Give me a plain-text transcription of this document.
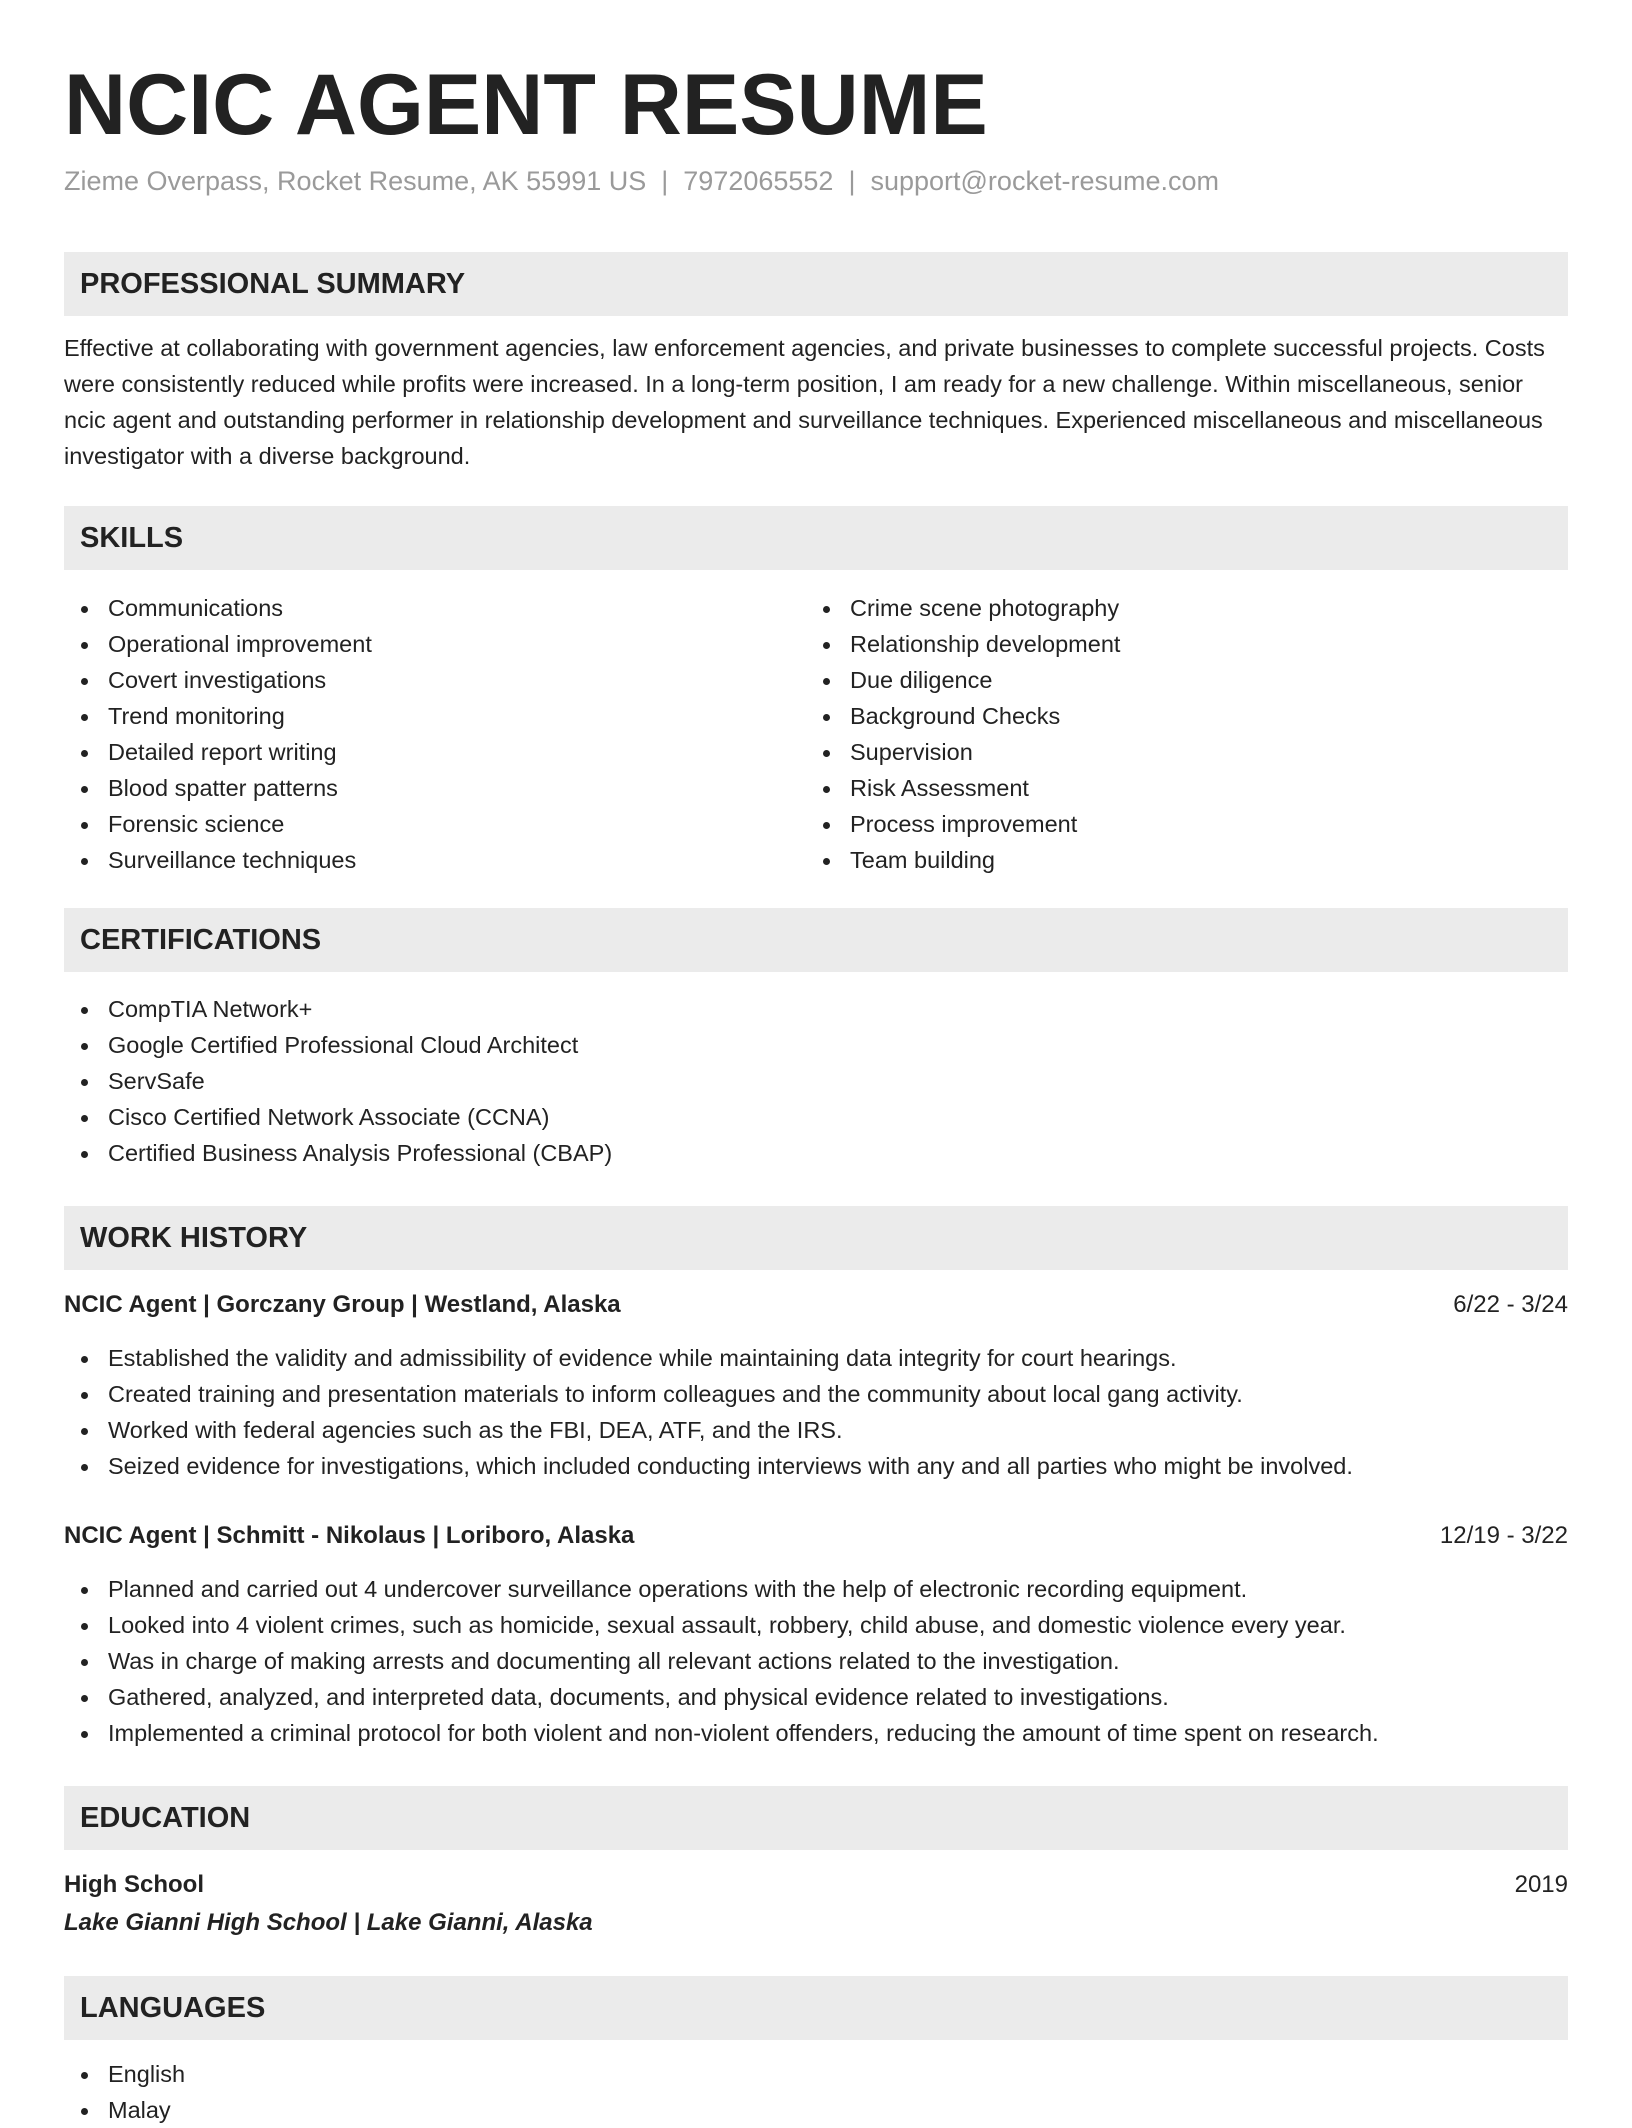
NCIC AGENT RESUME
Zieme Overpass, Rocket Resume, AK 55991 US | 7972065552 | support@rocket-resume.com
PROFESSIONAL SUMMARY
Effective at collaborating with government agencies, law enforcement agencies, and private businesses to complete successful projects. Costs were consistently reduced while profits were increased. In a long-term position, I am ready for a new challenge. Within miscellaneous, senior ncic agent and outstanding performer in relationship development and surveillance techniques. Experienced miscellaneous and miscellaneous investigator with a diverse background.
SKILLS
Communications
Operational improvement
Covert investigations
Trend monitoring
Detailed report writing
Blood spatter patterns
Forensic science
Surveillance techniques
Crime scene photography
Relationship development
Due diligence
Background Checks
Supervision
Risk Assessment
Process improvement
Team building
CERTIFICATIONS
CompTIA Network+
Google Certified Professional Cloud Architect
ServSafe
Cisco Certified Network Associate (CCNA)
Certified Business Analysis Professional (CBAP)
WORK HISTORY
NCIC Agent | Gorczany Group | Westland, Alaska	6/22 - 3/24
Established the validity and admissibility of evidence while maintaining data integrity for court hearings.
Created training and presentation materials to inform colleagues and the community about local gang activity.
Worked with federal agencies such as the FBI, DEA, ATF, and the IRS.
Seized evidence for investigations, which included conducting interviews with any and all parties who might be involved.
NCIC Agent | Schmitt - Nikolaus | Loriboro, Alaska	12/19 - 3/22
Planned and carried out 4 undercover surveillance operations with the help of electronic recording equipment.
Looked into 4 violent crimes, such as homicide, sexual assault, robbery, child abuse, and domestic violence every year.
Was in charge of making arrests and documenting all relevant actions related to the investigation.
Gathered, analyzed, and interpreted data, documents, and physical evidence related to investigations.
Implemented a criminal protocol for both violent and non-violent offenders, reducing the amount of time spent on research.
EDUCATION
High School	2019
Lake Gianni High School | Lake Gianni, Alaska
LANGUAGES
English
Malay
